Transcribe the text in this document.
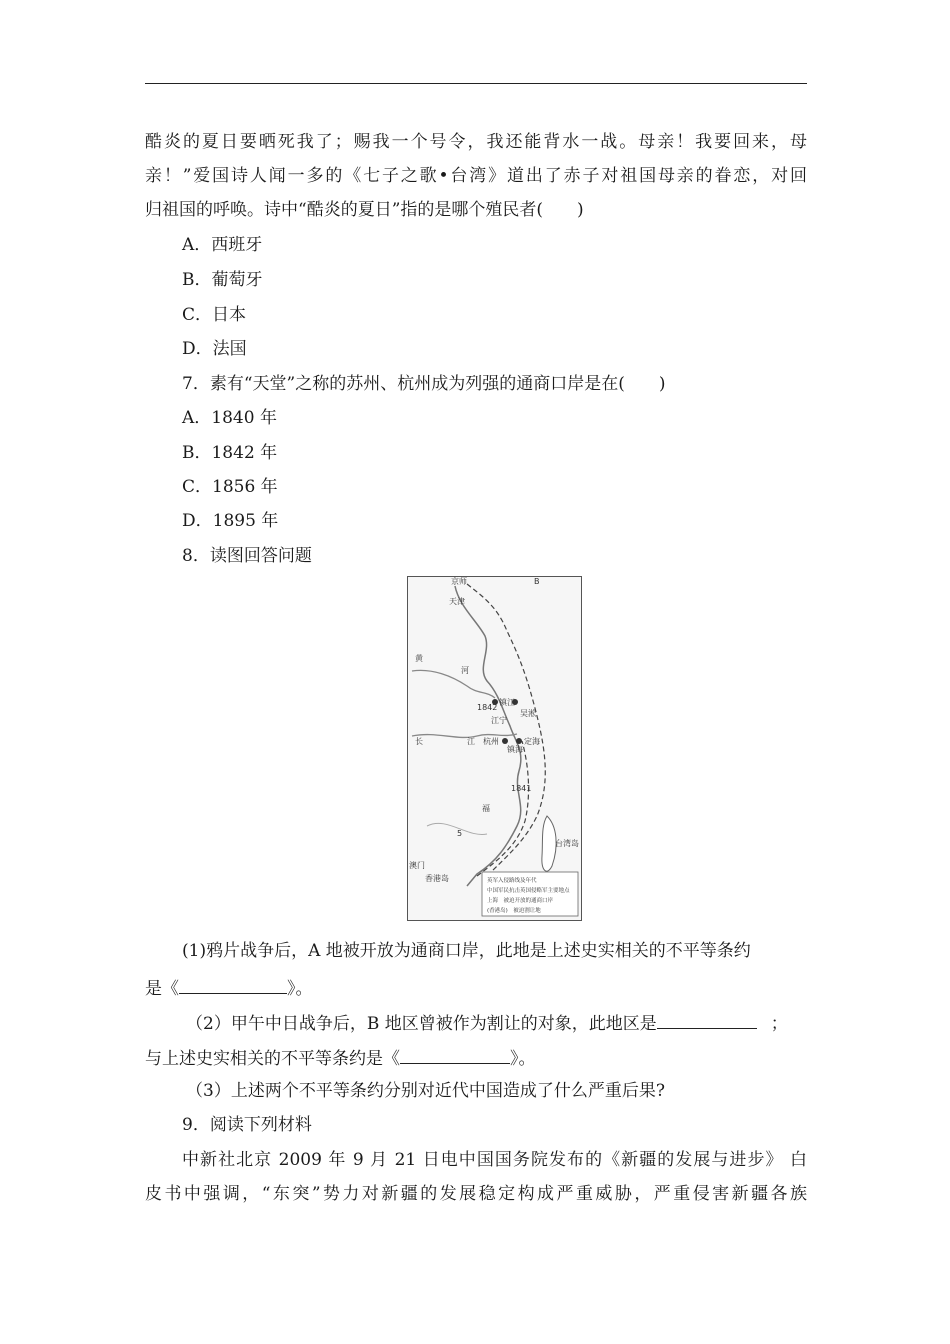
酷炎的夏日要晒死我了；赐我一个号令，我还能背水一战。母亲！我要回来，母
亲！”爱国诗人闻一多的《七子之歌•台湾》道出了赤子对祖国母亲的眷恋，对回
归祖国的呼唤。诗中“酷炎的夏日”指的是哪个殖民者(　　)
A．西班牙
B．葡萄牙
C．日本
D．法国
7．素有“天堂”之称的苏州、杭州成为列强的通商口岸是在(　　)
A．1840 年
B．1842 年
C．1856 年
D．1895 年
8．读图回答问题
京师
天津
B
黄
河
长	江
1842
镇江
江宁
吴淞
杭州
镇海
定海
1841
福
5
台湾岛
香港岛
澳门
英军入侵路线及年代
中国军民抗击英国侵略军主要地点
上海　被迫开放的通商口岸
(香港岛)　被迫割让地
(1)鸦片战争后，A 地被开放为通商口岸，此地是上述史实相关的不平等条约
是《	》。
（2）甲午中日战争后，B 地区曾被作为割让的对象，此地区是	；
与上述史实相关的不平等条约是《	》。
（3）上述两个不平等条约分别对近代中国造成了什么严重后果?
9．阅读下列材料
中新社北京 2009 年 9 月 21 日电中国国务院发布的《新疆的发展与进步》 白
皮书中强调，“东突”势力对新疆的发展稳定构成严重威胁，严重侵害新疆各族
